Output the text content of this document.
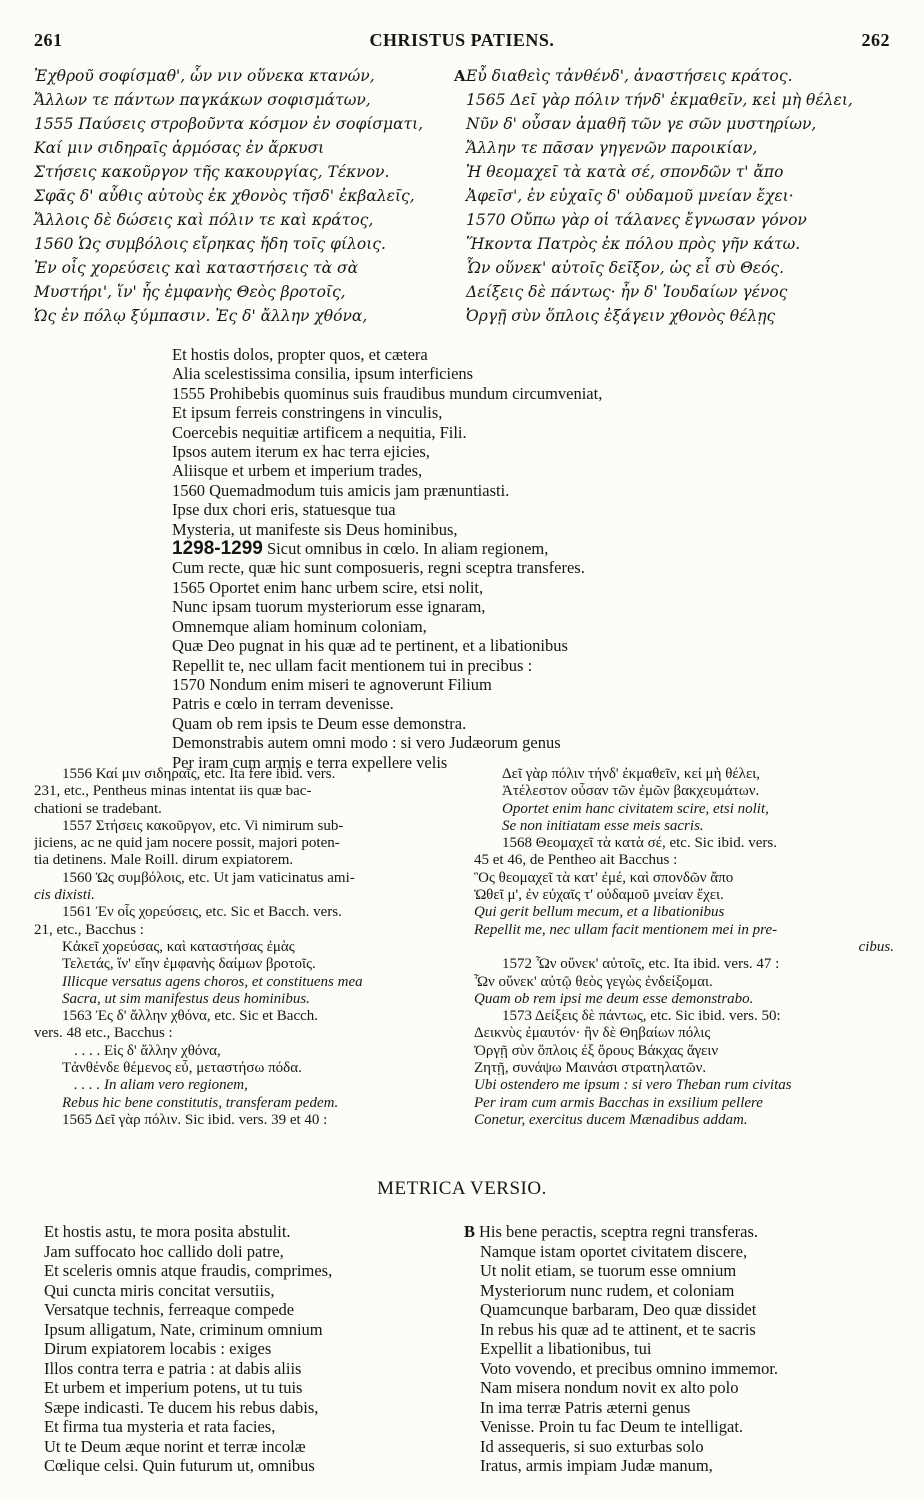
261	CHRISTUS PATIENS.	262
Ἐχθροῦ σοφίσμαθ', ὧν νιν οὕνεκα κτανών,
Ἄλλων τε πάντων παγκάκων σοφισμάτων,
1555 Παύσεις στροβοῦντα κόσμον ἐν σοφίσματι,
Καί μιν σιδηραῖς ἁρμόσας ἐν ἄρκυσι
Στήσεις κακοῦργον τῆς κακουργίας, Τέκνον.
Σφᾶς δ' αὖθις αὐτοὺς ἐκ χθονὸς τῆσδ' ἐκβαλεῖς,
Ἄλλοις δὲ δώσεις καὶ πόλιν τε καὶ κράτος,
1560 Ὡς συμβόλοις εἴρηκας ἤδη τοῖς φίλοις.
Ἐν οἷς χορεύσεις καὶ καταστήσεις τὰ σὰ
Μυστήρι', ἵν' ἧς ἐμφανὴς Θεὸς βροτοῖς,
Ὡς ἐν πόλῳ ξύμπασιν. Ἐς δ' ἄλλην χθόνα,
A Εὖ διαθεὶς τἀνθένδ', ἀναστήσεις κράτος.
1565 Δεῖ γὰρ πόλιν τήνδ' ἐκμαθεῖν, κεἰ μὴ θέλει,
Νῦν δ' οὖσαν ἀμαθῆ τῶν γε σῶν μυστηρίων,
Ἄλλην τε πᾶσαν γηγενῶν παροικίαν,
Ἡ θεομαχεῖ τὰ κατὰ σέ, σπονδῶν τ' ἄπο
Ἀφεῖσ', ἐν εὐχαῖς δ' οὐδαμοῦ μνείαν ἔχει·
1570 Οὔπω γὰρ οἱ τάλανες ἔγνωσαν γόνον
Ἥκοντα Πατρὸς ἐκ πόλου πρὸς γῆν κάτω.
Ὧν οὕνεκ' αὐτοῖς δεῖξον, ὡς εἶ σὺ Θεός.
Δείξεις δὲ πάντως· ἦν δ' Ἰουδαίων γένος
Ὀργῇ σὺν ὅπλοις ἐξάγειν χθονὸς θέλῃς
Et hostis dolos, propter quos, et cætera
Alia scelestissima consilia, ipsum interficiens
1555 Prohibebis quominus suis fraudibus mundum circumveniat,
Et ipsum ferreis constringens in vinculis,
Coercebis nequitiæ artificem a nequitia, Fili.
Ipsos autem iterum ex hac terra ejicies,
Aliisque et urbem et imperium trades,
1560 Quemadmodum tuis amicis jam prænuntiasti.
Ipse dux chori eris, statuesque tua
Mysteria, ut manifeste sis Deus hominibus,
1298-1299 Sicut omnibus in cœlo. In aliam regionem,
Cum recte, quæ hic sunt composueris, regni sceptra transferes.
1565 Oportet enim hanc urbem scire, etsi nolit,
Nunc ipsam tuorum mysteriorum esse ignaram,
Omnemque aliam hominum coloniam,
Quæ Deo pugnat in his quæ ad te pertinent, et a libationibus
Repellit te, nec ullam facit mentionem tui in precibus :
1570 Nondum enim miseri te agnoverunt Filium
Patris e cœlo in terram devenisse.
Quam ob rem ipsis te Deum esse demonstra.
Demonstrabis autem omni modo : si vero Judæorum genus
Per iram cum armis e terra expellere velis
1556 Καί μιν σιδηραῖς, etc. Ita fere ibid. vers.
231, etc., Pentheus minas intentat iis quæ bac-
chationi se tradebant.
1557 Στήσεις κακοῦργον, etc. Vi nimirum sub-
jiciens, ac ne quid jam nocere possit, majori poten-
tia detinens. Male Roill. dirum expiatorem.
1560 Ὡς συμβόλοις, etc. Ut jam vaticinatus ami-
cis dixisti.
1561 Ἐν οἷς χορεύσεις, etc. Sic et Bacch. vers.
21, etc., Bacchus :
Κἀκεῖ χορεύσας, καὶ καταστήσας ἐμὰς
Τελετάς, ἵν' εἴην ἐμφανὴς δαίμων βροτοῖς.
Illicque versatus agens choros, et constituens mea
Sacra, ut sim manifestus deus hominibus.
1563 Ἐς δ' ἄλλην χθόνα, etc. Sic et Bacch.
vers. 48 etc., Bacchus :
. . . . Εἰς δ' ἄλλην χθόνα,
Τἀνθένδε θέμενος εὖ, μεταστήσω πόδα.
. . . . In aliam vero regionem,
Rebus hic bene constitutis, transferam pedem.
1565 Δεῖ γὰρ πόλιν. Sic ibid. vers. 39 et 40 :
Δεῖ γὰρ πόλιν τήνδ' ἐκμαθεῖν, κεἰ μὴ θέλει,
Ἀτέλεστον οὖσαν τῶν ἐμῶν βακχευμάτων.
Oportet enim hanc civitatem scire, etsi nolit,
Se non initiatam esse meis sacris.
1568 Θεομαχεῖ τὰ κατὰ σέ, etc. Sic ibid. vers.
45 et 46, de Pentheo ait Bacchus :
Ὃς θεομαχεῖ τὰ κατ' ἐμέ, καὶ σπονδῶν ἄπο
Ὠθεῖ μ', ἐν εὐχαῖς τ' οὐδαμοῦ μνείαν ἔχει.
Qui gerit bellum mecum, et a libationibus
Repellit me, nec ullam facit mentionem mei in pre-
cibus.
1572 Ὧν οὕνεκ' αὐτοῖς, etc. Ita ibid. vers. 47 :
Ὧν οὕνεκ' αὐτῷ θεὸς γεγὼς ἐνδείξομαι.
Quam ob rem ipsi me deum esse demonstrabo.
1573 Δείξεις δὲ πάντως, etc. Sic ibid. vers. 50:
Δεικνὺς ἐμαυτόν· ἢν δὲ Θηβαίων πόλις
Ὀργῇ σὺν ὅπλοις ἐξ ὄρους Βάκχας ἄγειν
Ζητῇ, συνάψω Μαινάσι στρατηλατῶν.
Ubi ostendero me ipsum : si vero Theban rum civitas
Per iram cum armis Bacchas in exsilium pellere
Conetur, exercitus ducem Mænadibus addam.
METRICA VERSIO.
Et hostis astu, te mora posita abstulit.
Jam suffocato hoc callido doli patre,
Et sceleris omnis atque fraudis, comprimes,
Qui cuncta miris concitat versutiis,
Versatque technis, ferreaque compede
Ipsum alligatum, Nate, criminum omnium
Dirum expiatorem locabis : exiges
Illos contra terra e patria : at dabis aliis
Et urbem et imperium potens, ut tu tuis
Sæpe indicasti. Te ducem his rebus dabis,
Et firma tua mysteria et rata facies,
Ut te Deum æque norint et terræ incolæ
Cœlique celsi. Quin futurum ut, omnibus
B His bene peractis, sceptra regni transferas.
Namque istam oportet civitatem discere,
Ut nolit etiam, se tuorum esse omnium
Mysteriorum nunc rudem, et coloniam
Quamcunque barbaram, Deo quæ dissidet
In rebus his quæ ad te attinent, et te sacris
Expellit a libationibus, tui
Voto vovendo, et precibus omnino immemor.
Nam misera nondum novit ex alto polo
In ima terræ Patris æterni genus
Venisse. Proin tu fac Deum te intelligat.
Id assequeris, si suo exturbas solo
Iratus, armis impiam Judæ manum,
